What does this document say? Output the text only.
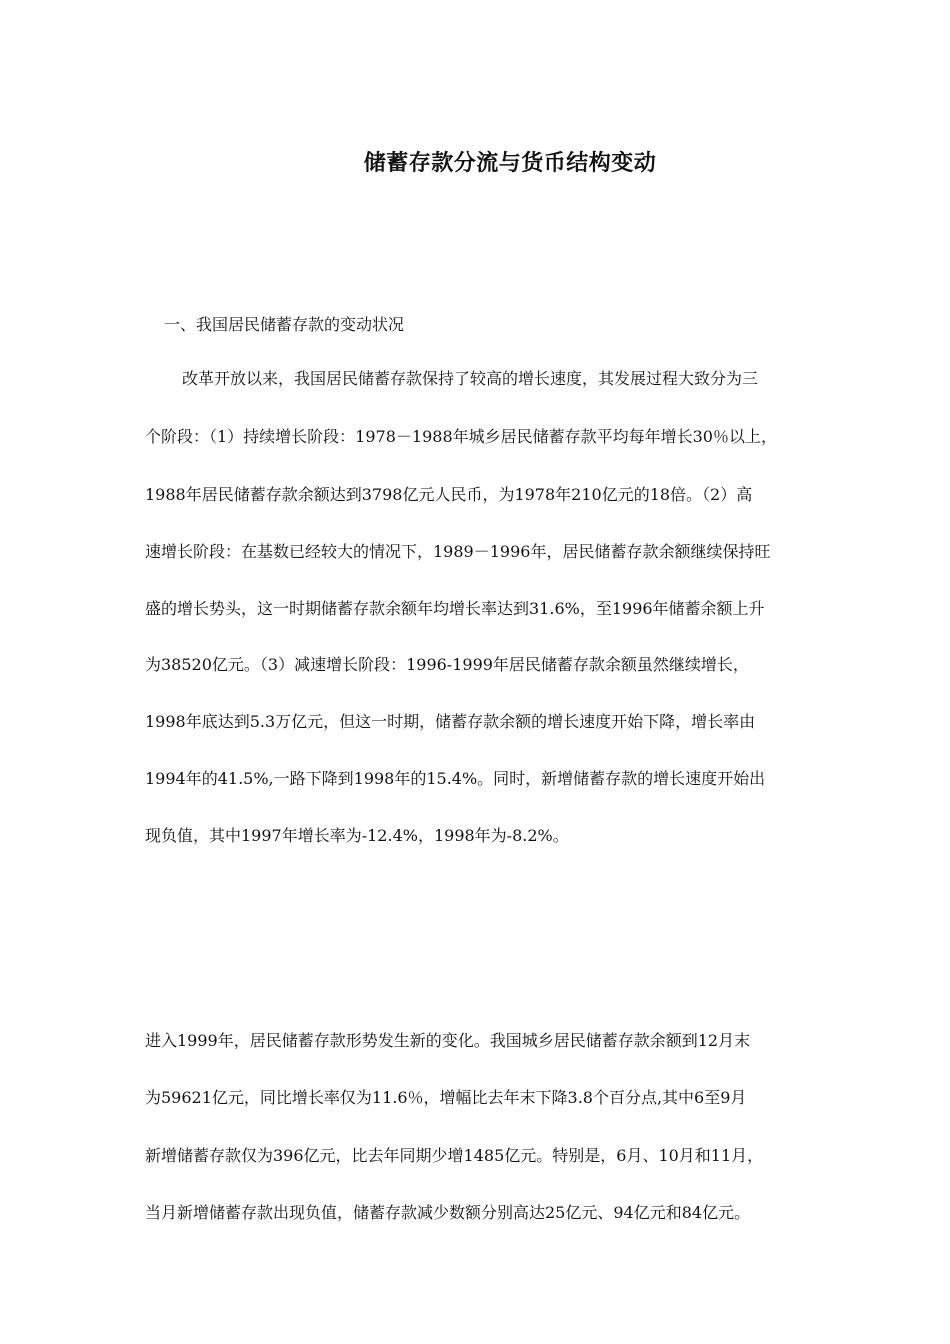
储蓄存款分流与货币结构变动
一、我国居民储蓄存款的变动状况
改革开放以来，我国居民储蓄存款保持了较高的增长速度，其发展过程大致分为三
个阶段：（1）持续增长阶段：1978－1988年城乡居民储蓄存款平均每年增长30％以上，
1988年居民储蓄存款余额达到3798亿元人民币，为1978年210亿元的18倍。（2）高
速增长阶段：在基数已经较大的情况下，1989－1996年，居民储蓄存款余额继续保持旺
盛的增长势头，这一时期储蓄存款余额年均增长率达到31.6%，至1996年储蓄余额上升
为38520亿元。（3）减速增长阶段：1996-1999年居民储蓄存款余额虽然继续增长，
1998年底达到5.3万亿元，但这一时期，储蓄存款余额的增长速度开始下降，增长率由
1994年的41.5%,一路下降到1998年的15.4%。同时，新增储蓄存款的增长速度开始出
现负值，其中1997年增长率为-12.4%，1998年为-8.2%。
进入1999年，居民储蓄存款形势发生新的变化。我国城乡居民储蓄存款余额到12月末
为59621亿元，同比增长率仅为11.6％，增幅比去年末下降3.8个百分点,其中6至9月
新增储蓄存款仅为396亿元，比去年同期少增1485亿元。特别是，6月、10月和11月，
当月新增储蓄存款出现负值，储蓄存款减少数额分别高达25亿元、94亿元和84亿元。
